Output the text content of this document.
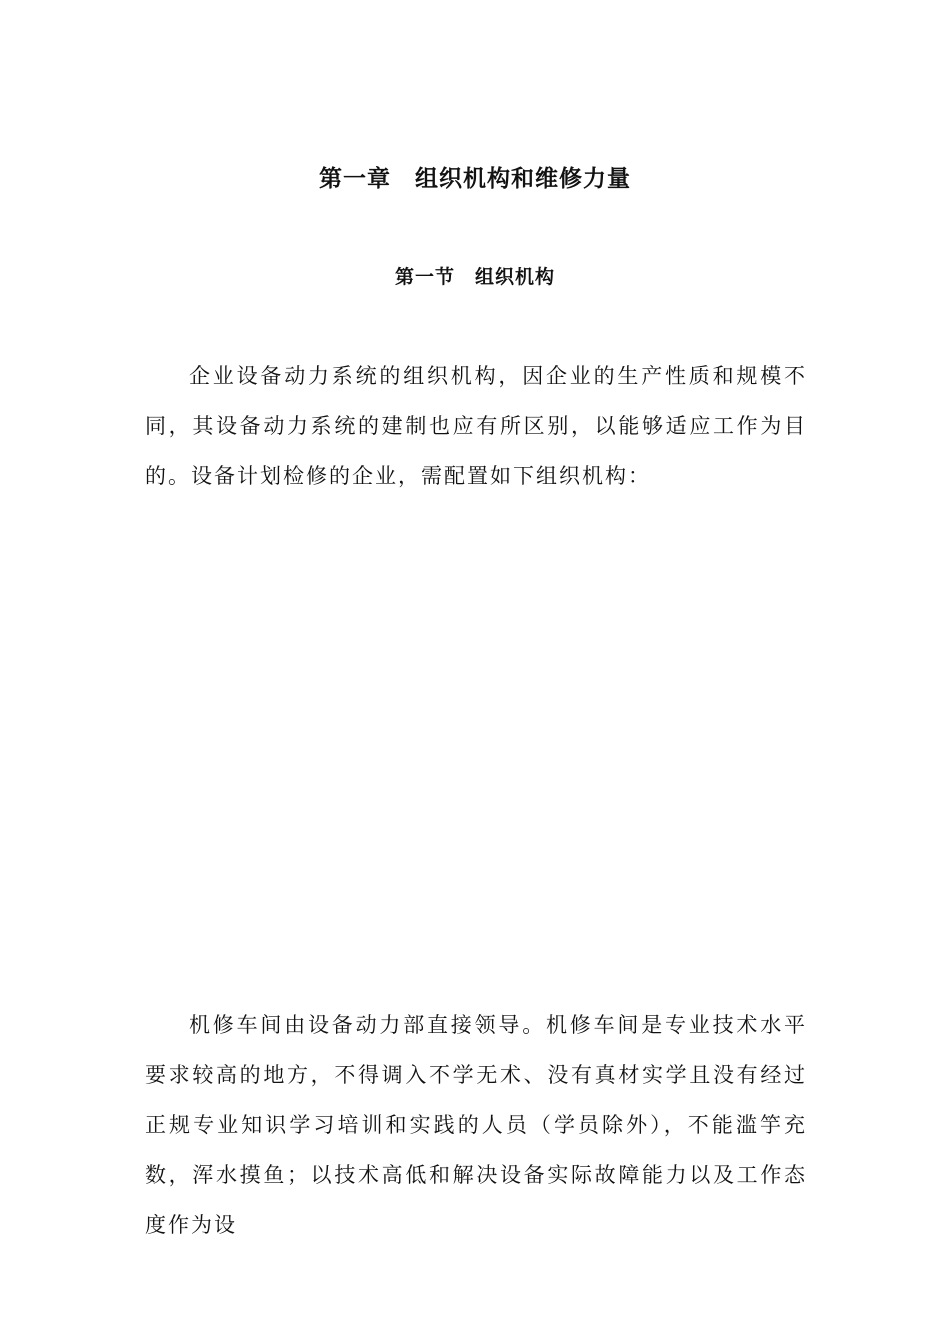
第一章　组织机构和维修力量
第一节　组织机构

企业设备动力系统的组织机构，因企业的生产性质和规模不同，其设备动力系统的建制也应有所区别，以能够适应工作为目的。设备计划检修的企业，需配置如下组织机构：

机修车间由设备动力部直接领导。机修车间是专业技术水平要求较高的地方，不得调入不学无术、没有真材实学且没有经过正规专业知识学习培训和实践的人员（学员除外），不能滥竽充数，浑水摸鱼；以技术高低和解决设备实际故障能力以及工作态度作为设
